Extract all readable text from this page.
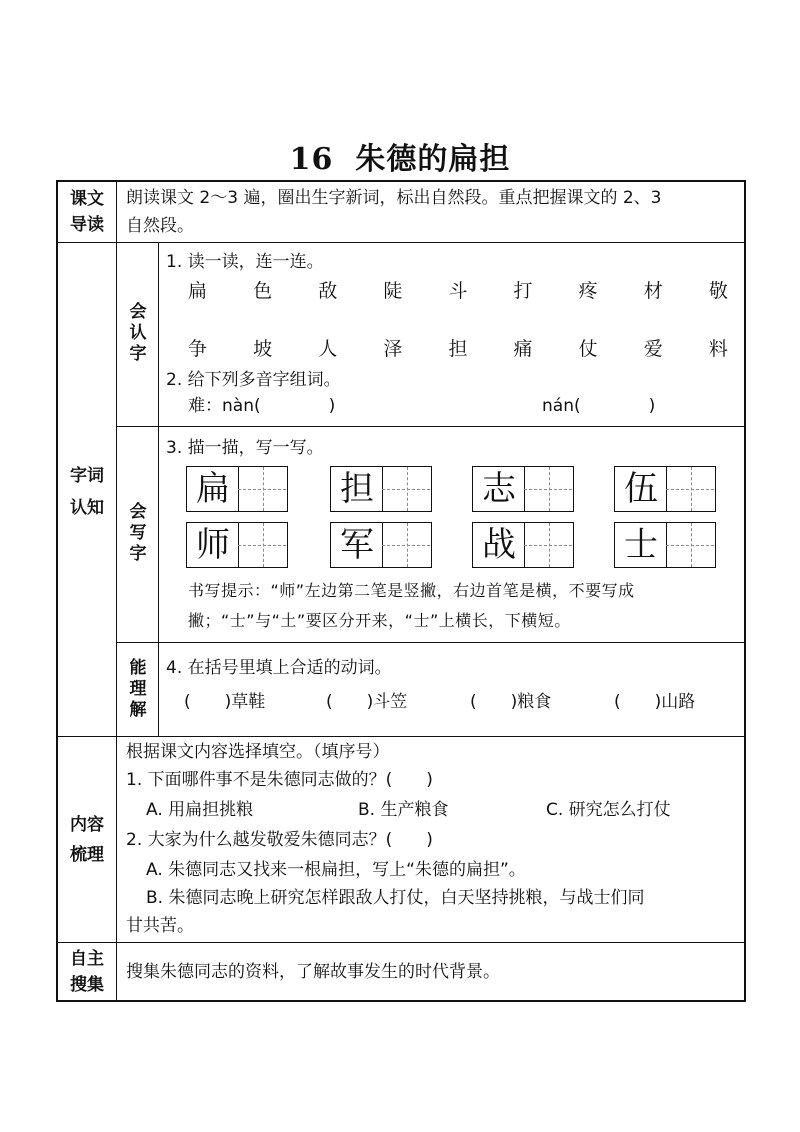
16 朱德的扁担
课文
导读
朗读课文 2～3 遍，圈出生字新词，标出自然段。重点把握课文的 2、3
自然段。
字词
认知
会
认
字
1. 读一读，连一连。
扁 色 敌 陡 斗 打 疼 材 敬
争 坡 人 泽 担 痛 仗 爱 料
2. 给下列多音字组词。
难：nàn(　　　　)	nán(　　　　)
会
写
字
3. 描一描，写一写。
扁	担	志	伍
师	军	战	士
书写提示：“师”左边第二笔是竖撇，右边首笔是横，不要写成
撇；“士”与“土”要区分开来，“士”上横长，下横短。
能
理
解
4. 在括号里填上合适的动词。
(　　)草鞋	(　　)斗笠	(　　)粮食	(　　)山路
内容
梳理
根据课文内容选择填空。（填序号）
1. 下面哪件事不是朱德同志做的？(　　)
A. 用扁担挑粮	B. 生产粮食	C. 研究怎么打仗
2. 大家为什么越发敬爱朱德同志？(　　)
A. 朱德同志又找来一根扁担，写上“朱德的扁担”。
B. 朱德同志晚上研究怎样跟敌人打仗，白天坚持挑粮，与战士们同
甘共苦。
自主
搜集
搜集朱德同志的资料，了解故事发生的时代背景。
